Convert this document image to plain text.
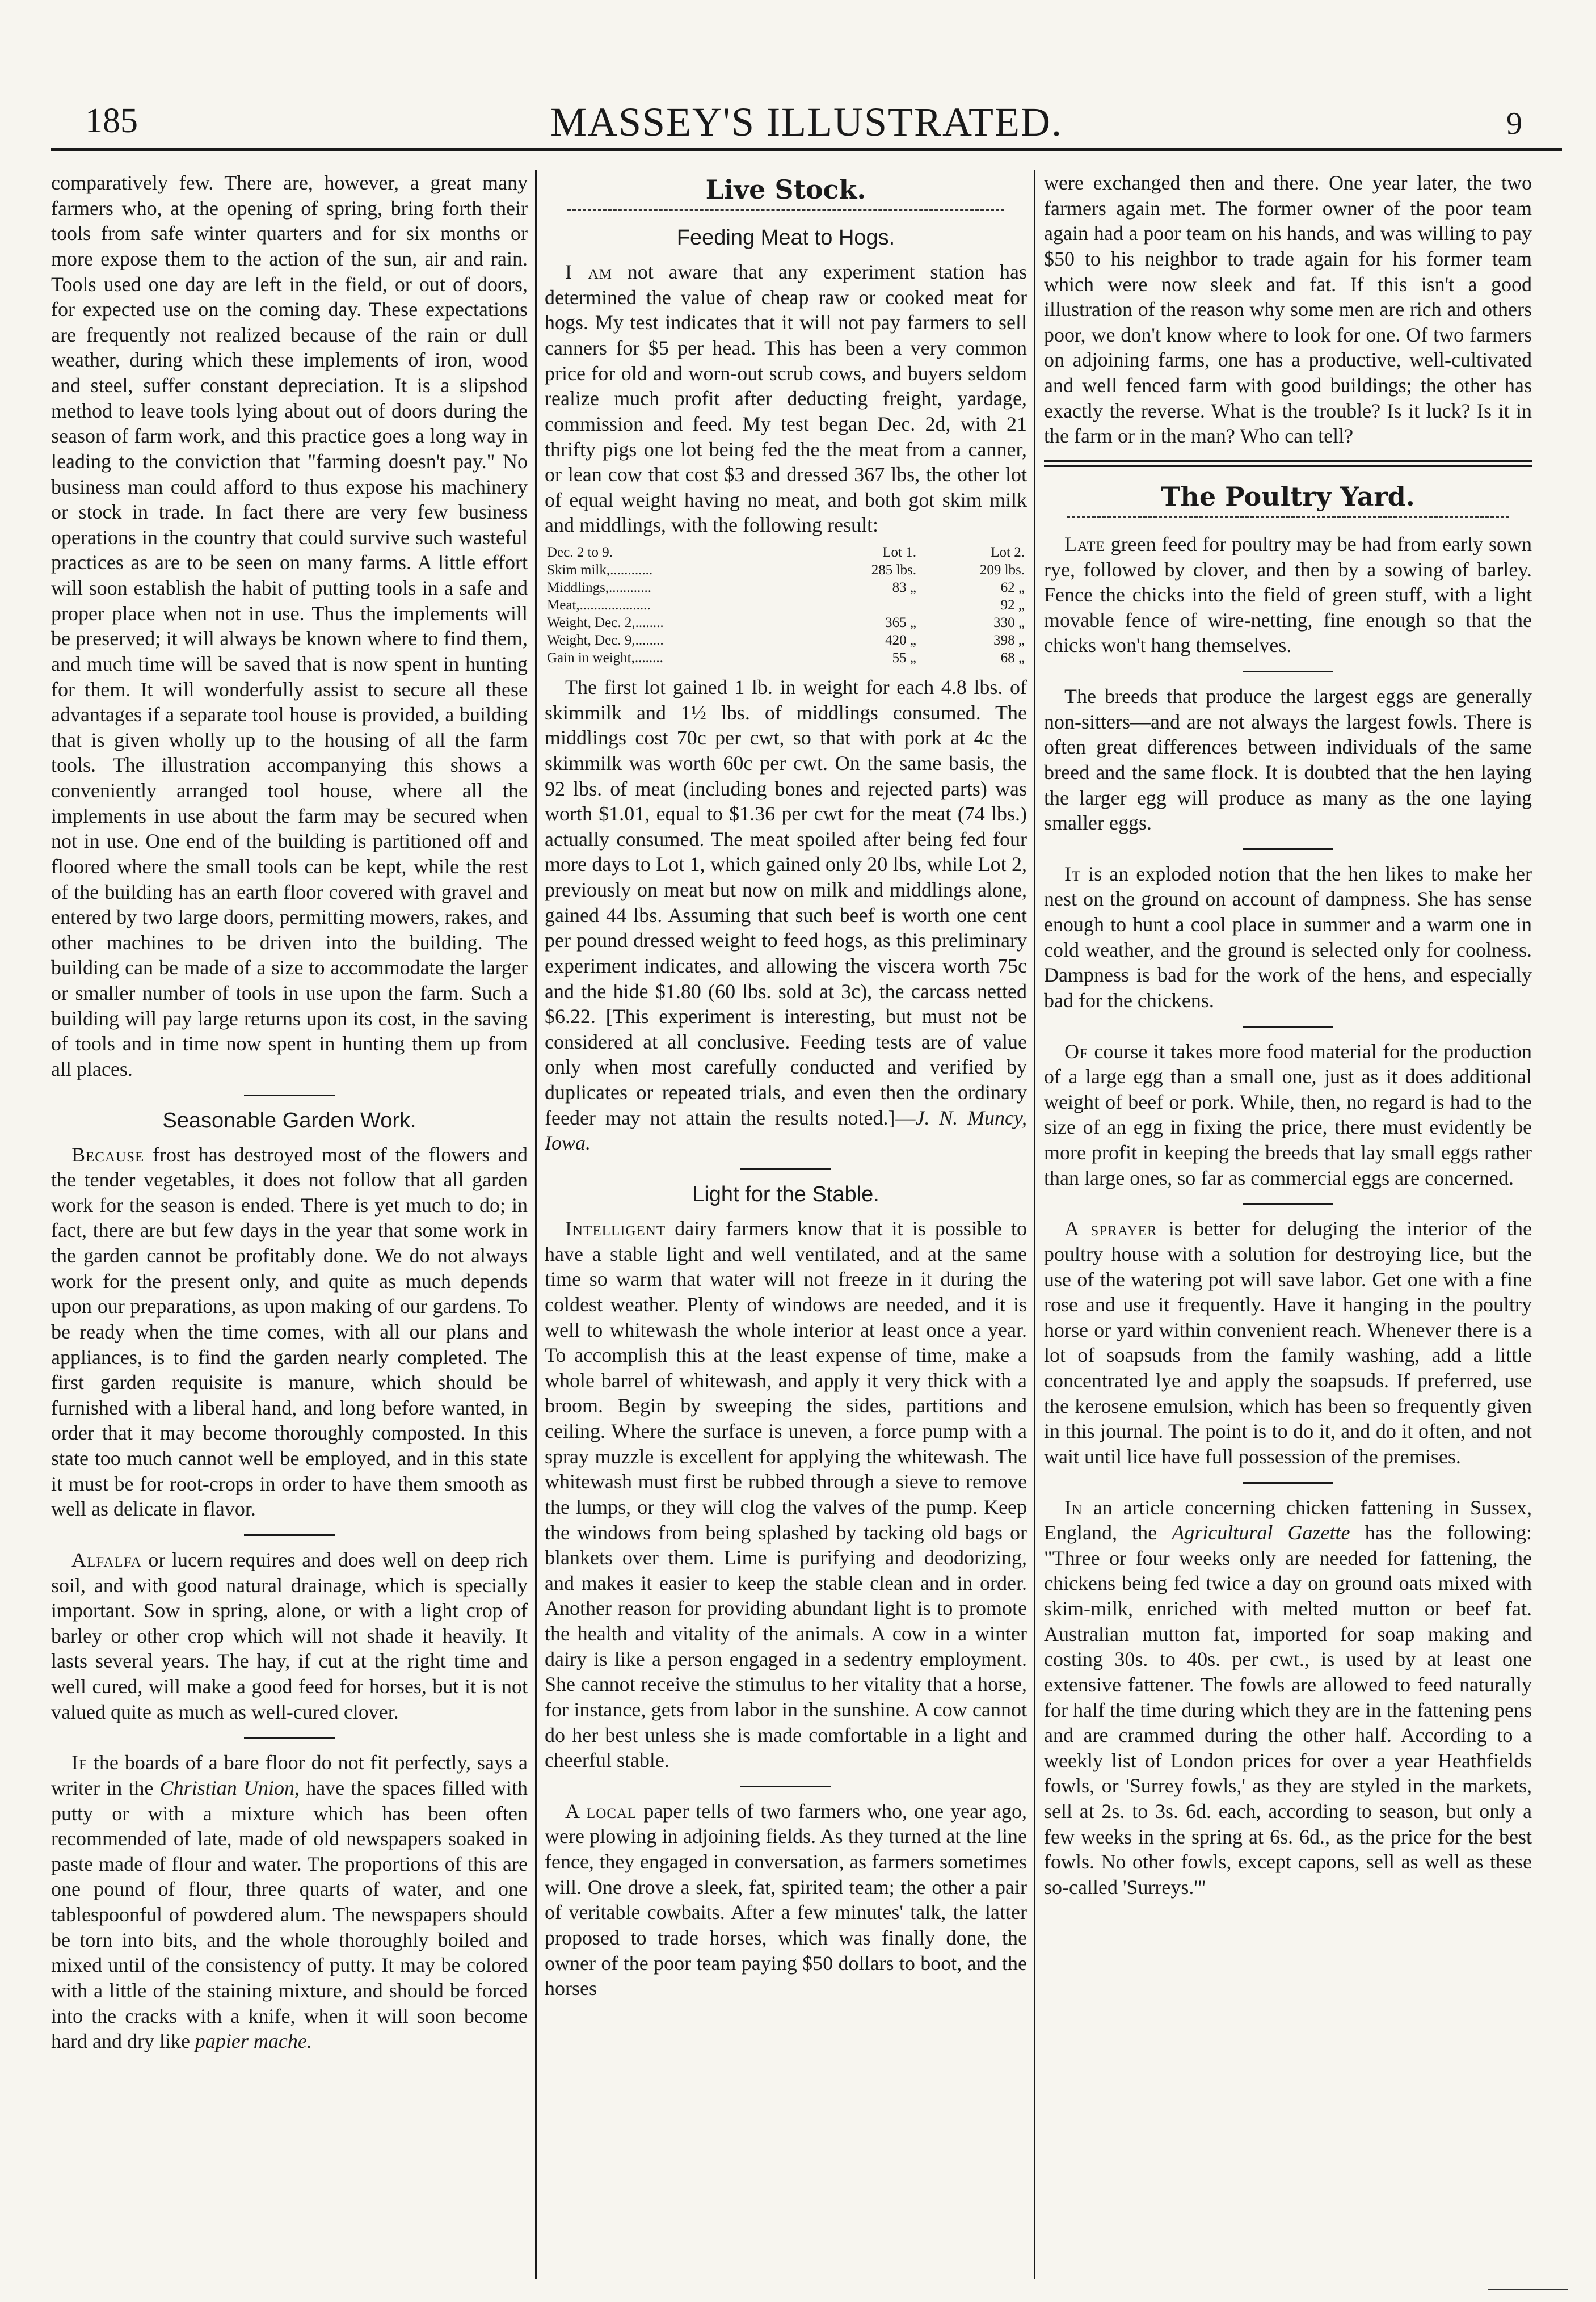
185	MASSEY'S ILLUSTRATED.	9

comparatively few. There are, however, a great many farmers who, at the opening of spring, bring forth their tools from safe winter quarters and for six months or more expose them to the action of the sun, air and rain. Tools used one day are left in the field, or out of doors, for expected use on the coming day. These expectations are frequently not realized because of the rain or dull weather, during which these implements of iron, wood and steel, suffer constant depreciation. It is a slipshod method to leave tools lying about out of doors during the season of farm work, and this practice goes a long way in leading to the conviction that "farming doesn't pay." No business man could afford to thus expose his machinery or stock in trade. In fact there are very few business operations in the country that could survive such wasteful practices as are to be seen on many farms. A little effort will soon establish the habit of putting tools in a safe and proper place when not in use. Thus the implements will be preserved; it will always be known where to find them, and much time will be saved that is now spent in hunting for them. It will wonderfully assist to secure all these advantages if a separate tool house is provided, a building that is given wholly up to the housing of all the farm tools. The illustration accompanying this shows a conveniently arranged tool house, where all the implements in use about the farm may be secured when not in use. One end of the building is partitioned off and floored where the small tools can be kept, while the rest of the building has an earth floor covered with gravel and entered by two large doors, permitting mowers, rakes, and other machines to be driven into the building. The building can be made of a size to accommodate the larger or smaller number of tools in use upon the farm. Such a building will pay large returns upon its cost, in the saving of tools and in time now spent in hunting them up from all places.

Seasonable Garden Work.

Because frost has destroyed most of the flowers and the tender vegetables, it does not follow that all garden work for the season is ended. There is yet much to do; in fact, there are but few days in the year that some work in the garden cannot be profitably done. We do not always work for the present only, and quite as much depends upon our preparations, as upon making of our gardens. To be ready when the time comes, with all our plans and appliances, is to find the garden nearly completed. The first garden requisite is manure, which should be furnished with a liberal hand, and long before wanted, in order that it may become thoroughly composted. In this state too much cannot well be employed, and in this state it must be for root-crops in order to have them smooth as well as delicate in flavor.

Alfalfa or lucern requires and does well on deep rich soil, and with good natural drainage, which is specially important. Sow in spring, alone, or with a light crop of barley or other crop which will not shade it heavily. It lasts several years. The hay, if cut at the right time and well cured, will make a good feed for horses, but it is not valued quite as much as well-cured clover.

If the boards of a bare floor do not fit perfectly, says a writer in the Christian Union, have the spaces filled with putty or with a mixture which has been often recommended of late, made of old newspapers soaked in paste made of flour and water. The proportions of this are one pound of flour, three quarts of water, and one tablespoonful of powdered alum. The newspapers should be torn into bits, and the whole thoroughly boiled and mixed until of the consistency of putty. It may be colored with a little of the staining mixture, and should be forced into the cracks with a knife, when it will soon become hard and dry like papier mache.

Live Stock.
Feeding Meat to Hogs.

I am not aware that any experiment station has determined the value of cheap raw or cooked meat for hogs. My test indicates that it will not pay farmers to sell canners for $5 per head. This has been a very common price for old and worn-out scrub cows, and buyers seldom realize much profit after deducting freight, yardage, commission and feed. My test began Dec. 2d, with 21 thrifty pigs one lot being fed the the meat from a canner, or lean cow that cost $3 and dressed 367 lbs, the other lot of equal weight having no meat, and both got skim milk and middlings, with the following result:

Dec. 2 to 9.	Lot 1.	Lot 2.
Skim milk,............	285 lbs.	209 lbs.
Middlings,............	83 „	62 „
Meat,....................		92 „
Weight, Dec. 2,........	365 „	330 „
Weight, Dec. 9,........	420 „	398 „
Gain in weight,........	55 „	68 „

The first lot gained 1 lb. in weight for each 4.8 lbs. of skimmilk and 1½ lbs. of middlings consumed. The middlings cost 70c per cwt, so that with pork at 4c the skimmilk was worth 60c per cwt. On the same basis, the 92 lbs. of meat (including bones and rejected parts) was worth $1.01, equal to $1.36 per cwt for the meat (74 lbs.) actually consumed. The meat spoiled after being fed four more days to Lot 1, which gained only 20 lbs, while Lot 2, previously on meat but now on milk and middlings alone, gained 44 lbs. Assuming that such beef is worth one cent per pound dressed weight to feed hogs, as this preliminary experiment indicates, and allowing the viscera worth 75c and the hide $1.80 (60 lbs. sold at 3c), the carcass netted $6.22. [This experiment is interesting, but must not be considered at all conclusive. Feeding tests are of value only when most carefully conducted and verified by duplicates or repeated trials, and even then the ordinary feeder may not attain the results noted.]—J. N. Muncy, Iowa.

Light for the Stable.

Intelligent dairy farmers know that it is possible to have a stable light and well ventilated, and at the same time so warm that water will not freeze in it during the coldest weather. Plenty of windows are needed, and it is well to whitewash the whole interior at least once a year. To accomplish this at the least expense of time, make a whole barrel of whitewash, and apply it very thick with a broom. Begin by sweeping the sides, partitions and ceiling. Where the surface is uneven, a force pump with a spray muzzle is excellent for applying the whitewash. The whitewash must first be rubbed through a sieve to remove the lumps, or they will clog the valves of the pump. Keep the windows from being splashed by tacking old bags or blankets over them. Lime is purifying and deodorizing, and makes it easier to keep the stable clean and in order. Another reason for providing abundant light is to promote the health and vitality of the animals. A cow in a winter dairy is like a person engaged in a sedentry employment. She cannot receive the stimulus to her vitality that a horse, for instance, gets from labor in the sunshine. A cow cannot do her best unless she is made comfortable in a light and cheerful stable.

A local paper tells of two farmers who, one year ago, were plowing in adjoining fields. As they turned at the line fence, they engaged in conversation, as farmers sometimes will. One drove a sleek, fat, spirited team; the other a pair of veritable cowbaits. After a few minutes' talk, the latter proposed to trade horses, which was finally done, the owner of the poor team paying $50 dollars to boot, and the horses

were exchanged then and there. One year later, the two farmers again met. The former owner of the poor team again had a poor team on his hands, and was willing to pay $50 to his neighbor to trade again for his former team which were now sleek and fat. If this isn't a good illustration of the reason why some men are rich and others poor, we don't know where to look for one. Of two farmers on adjoining farms, one has a productive, well-cultivated and well fenced farm with good buildings; the other has exactly the reverse. What is the trouble? Is it luck? Is it in the farm or in the man? Who can tell?

The Poultry Yard.

Late green feed for poultry may be had from early sown rye, followed by clover, and then by a sowing of barley. Fence the chicks into the field of green stuff, with a light movable fence of wire-netting, fine enough so that the chicks won't hang themselves.

The breeds that produce the largest eggs are generally non-sitters—and are not always the largest fowls. There is often great differences between individuals of the same breed and the same flock. It is doubted that the hen laying the larger egg will produce as many as the one laying smaller eggs.

It is an exploded notion that the hen likes to make her nest on the ground on account of dampness. She has sense enough to hunt a cool place in summer and a warm one in cold weather, and the ground is selected only for coolness. Dampness is bad for the work of the hens, and especially bad for the chickens.

Of course it takes more food material for the production of a large egg than a small one, just as it does additional weight of beef or pork. While, then, no regard is had to the size of an egg in fixing the price, there must evidently be more profit in keeping the breeds that lay small eggs rather than large ones, so far as commercial eggs are concerned.

A sprayer is better for deluging the interior of the poultry house with a solution for destroying lice, but the use of the watering pot will save labor. Get one with a fine rose and use it frequently. Have it hanging in the poultry horse or yard within convenient reach. Whenever there is a lot of soapsuds from the family washing, add a little concentrated lye and apply the soapsuds. If preferred, use the kerosene emulsion, which has been so frequently given in this journal. The point is to do it, and do it often, and not wait until lice have full possession of the premises.

In an article concerning chicken fattening in Sussex, England, the Agricultural Gazette has the following: "Three or four weeks only are needed for fattening, the chickens being fed twice a day on ground oats mixed with skim-milk, enriched with melted mutton or beef fat. Australian mutton fat, imported for soap making and costing 30s. to 40s. per cwt., is used by at least one extensive fattener. The fowls are allowed to feed naturally for half the time during which they are in the fattening pens and are crammed during the other half. According to a weekly list of London prices for over a year Heathfields fowls, or 'Surrey fowls,' as they are styled in the markets, sell at 2s. to 3s. 6d. each, according to season, but only a few weeks in the spring at 6s. 6d., as the price for the best fowls. No other fowls, except capons, sell as well as these so-called 'Surreys.'"
